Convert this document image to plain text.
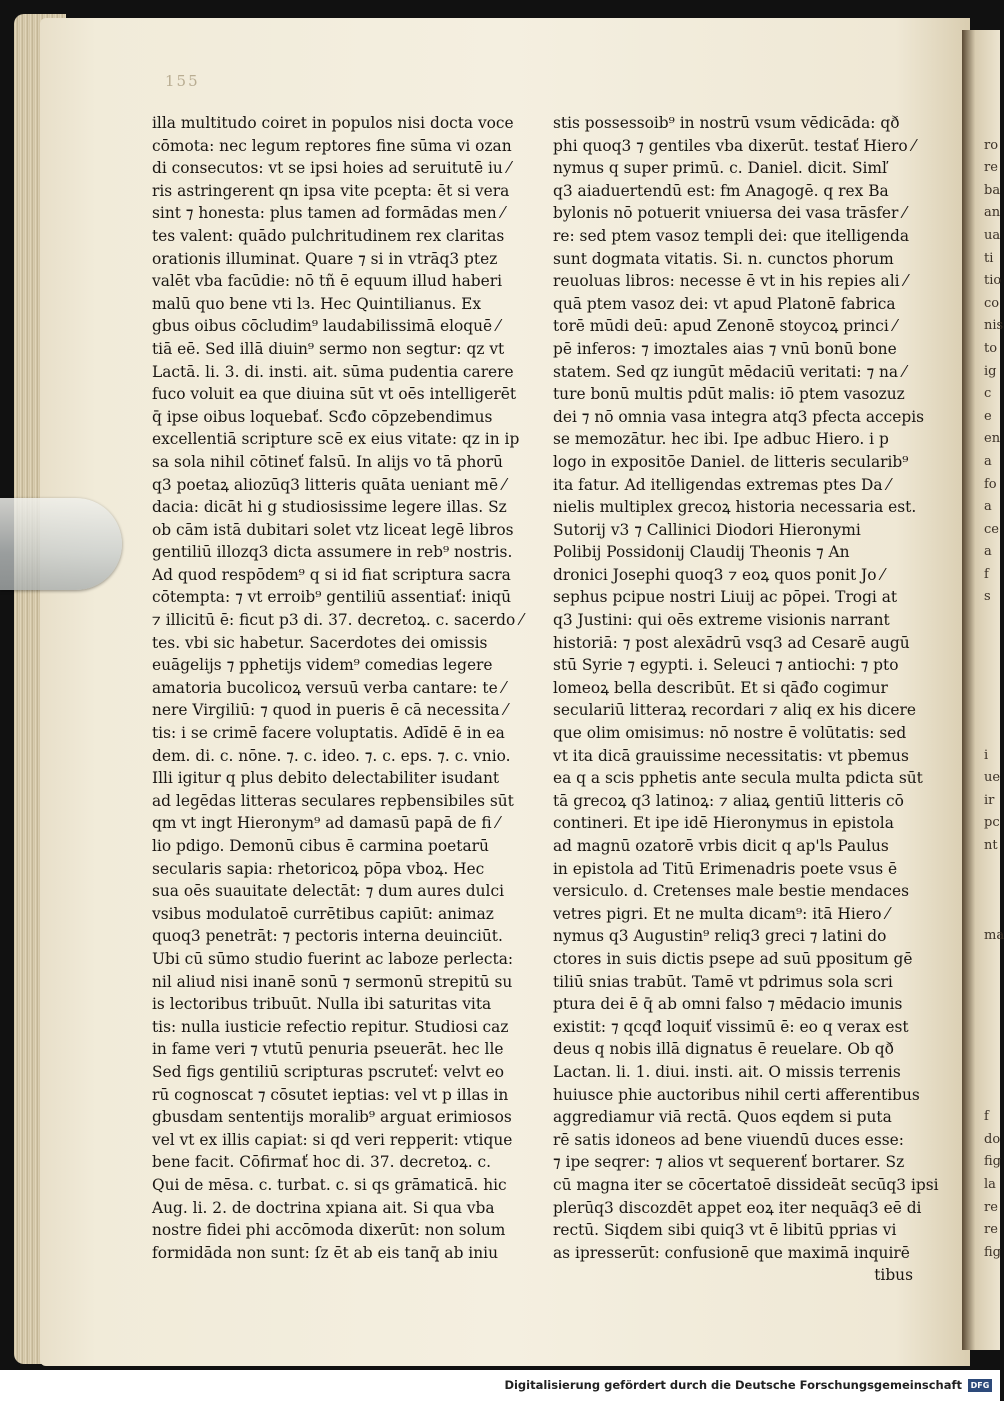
155
illa multitudo coiret in populos nisi docta voce
cōmota: nec legum reptores fine sūma vi ozan
di consecutos: vt se ipsi hoies ad seruitutē iu ⁄
ris astringerent qn ipsa vite pcepta: ēt si vera
sint ⁊ honesta: plus tamen ad formādas men ⁄
tes valent: quādo pulchritudinem rex claritas
orationis illuminat. Quare ⁊ si in vtrāq3 ptez
valēt vba facūdie: nō tñ ē equum illud haberi
malū quo bene vti lз. Hec Quintilianus. Ex
gbus oibus cōcludim⁹ laudabilissimā eloquē ⁄
tiā eē. Sed illā diuin⁹ sermo non segtur: qz vt
Lactā. li. 3. di. insti. ait. sūma pudentia carere
fuco voluit ea que diuina sūt vt oēs intelligerēt
q̄ ipse oibus loquebať. Scđo cōpzebendimus
excellentiā scripture scē ex eius vitate: qz in ip
sa sola nihil cōtineť falsū. In alijs vo tā phorū
q3 poetaꝝ aliozūq3 litteris quāta ueniant mē ⁄
dacia: dicāt hi g studiosissime legere illas. Sz
ob cām istā dubitari solet vtz liceat legē libros
gentiliū illozq3 dicta assumere in reb⁹ nostris.
Ad quod respōdem⁹ q si id fiat scriptura sacra
cōtempta: ⁊ vt erroib⁹ gentiliū assentiať: iniqū
⁊ illicitū ē: ficut p3 di. 37. decretoꝝ. c. sacerdo ⁄
tes. vbi sic habetur. Sacerdotes dei omissis
euāgelijs ⁊ pphetijs videm⁹ comedias legere
amatoria bucolicoꝝ versuū verba cantare: te ⁄
nere Virgiliū: ⁊ quod in pueris ē cā necessita ⁄
tis: i se crimē facere voluptatis. Adīdē ē in ea
dem. di. c. nōne. ⁊. c. ideo. ⁊. c. eps. ⁊. c. vnio.
Illi igitur q plus debito delectabiliter isudant
ad legēdas litteras seculares repbensibiles sūt
qm vt ingt Hieronym⁹ ad damasū papā de fi ⁄
lio pdigo. Demonū cibus ē carmina poetarū
secularis sapia: rhetoricoꝝ pōpa vboꝝ. Hec
sua oēs suauitate delectāt: ⁊ dum aures dulci
vsibus modulatoē currētibus capiūt: animaz
quoq3 penetrāt: ⁊ pectoris interna deuinciūt.
Ubi cū sūmo studio fuerint ac laboze perlecta:
nil aliud nisi inanē sonū ⁊ sermonū strepitū su
is lectoribus tribuūt. Nulla ibi saturitas vita
tis: nulla iusticie refectio repitur. Studiosi caz
in fame veri ⁊ vtutū penuria pseuerāt. hec lle
Sed figs gentiliū scripturas pscruteť: velvt eo
rū cognoscat ⁊ cōsutet ieptias: vel vt p illas in
gbusdam sententijs moralib⁹ arguat erimiosos
vel vt ex illis capiat: si qd veri repperit: vtique
bene facit. Cōfirmať hoc di. 37. decretoꝝ. c.
Qui de mēsa. c. turbat. c. si qs grāmaticā. hic
Aug. li. 2. de doctrina xpiana ait. Si qua vba
nostre fidei phi accōmoda dixerūt: non solum
formidāda non sunt: ſz ēt ab eis tanq̄ ab iniu
stis possessoib⁹ in nostrū vsum vēdicāda: qð
phi quoq3 ⁊ gentiles vba dixerūt. testať Hiero ⁄
nymus q super primū. c. Daniel. dicit. Simľ
q3 aiaduertendū est: fm Anagogē. q rex Ba
bylonis nō potuerit vniuersa dei vasa trāsfer ⁄
re: sed ptem vasoz templi dei: que itelligenda
sunt dogmata vitatis. Si. n. cunctos phorum
reuoluas libros: necesse ē vt in his repies ali ⁄
quā ptem vasoz dei: vt apud Platonē fabrica
torē mūdi deū: apud Zenonē stoycoꝝ princi ⁄
pē inferos: ⁊ imoztales aias ⁊ vnū bonū bone
statem. Sed qz iungūt mēdaciū veritati: ⁊ na ⁄
ture bonū multis pdūt malis: iō ptem vasozuz
dei ⁊ nō omnia vasa integra atq3 pfecta accepis
se memozātur. hec ibi. Ipe adbuc Hiero. i p
logo in expositōe Daniel. de litteris secularib⁹
ita fatur. Ad itelligendas extremas ptes Da ⁄
nielis multiplex grecoꝝ historia necessaria est.
Sutorij v3 ⁊ Callinici Diodori Hieronymi
Polibij Possidonij Claudij Theonis ⁊ An
dronici Josephi quoq3 ⁊ eoꝝ quos ponit Jo ⁄
sephus pcipue nostri Liuij ac pōpei. Trogi at
q3 Justini: qui oēs extreme visionis narrant
historiā: ⁊ post alexādrū vsq3 ad Cesarē augū
stū Syrie ⁊ egypti. i. Seleuci ⁊ antiochi: ⁊ pto
lomeoꝝ bella describūt. Et si qāđo cogimur
seculariū litteraꝝ recordari ⁊ aliq ex his dicere
que olim omisimus: nō nostre ē volūtatis: sed
vt ita dicā grauissime necessitatis: vt pbemus
ea q a scis pphetis ante secula multa pdicta sūt
tā grecoꝝ q3 latinoꝝ: ⁊ aliaꝝ gentiū litteris cō
contineri. Et ipe idē Hieronymus in epistola
ad magnū ozatorē vrbis dicit q ap'ls Paulus
in epistola ad Titū Erimenadris poete vsus ē
versiculo. d. Cretenses male bestie mendaces
vetres pigri. Et ne multa dicam⁹: itā Hiero ⁄
nymus q3 Augustin⁹ reliq3 greci ⁊ latini do
ctores in suis dictis psepe ad suū ppositum gē
tiliū snias trabūt. Tamē vt pdrimus sola scri
ptura dei ē q̄ ab omni falso ⁊ mēdacio imunis
existit: ⁊ qcqđ loquiť vissimū ē: eo q verax est
deus q nobis illā dignatus ē reuelare. Ob qð
Lactan. li. 1. diui. insti. ait. O missis terrenis
huiusce phie auctoribus nihil certi afferentibus
aggrediamur viā rectā. Quos eqdem si puta
rē satis idoneos ad bene viuendū duces esse:
⁊ ipe seqrer: ⁊ alios vt sequerenť bortarer. Sz
cū magna iter se cōcertatoē dissideāt secūq3 ipsi
plerūq3 discozdēt appet eoꝝ iter nequāq3 eē di
rectū. Siqdem sibi quiq3 vt ē libitū pprias vi
as ipresserūt: confusionē que maximā inquirē
tibus
ro
re
ba
an
ua
ti
tio
co
nis
to
ig
c
e
en
a
fo
a
ce
a
f
s
i
ue
ir
pc
nt
ma
f
do
fig
la
re
re
fig
Digitalisierung gefördert durch die Deutsche Forschungsgemeinschaft	DFG
